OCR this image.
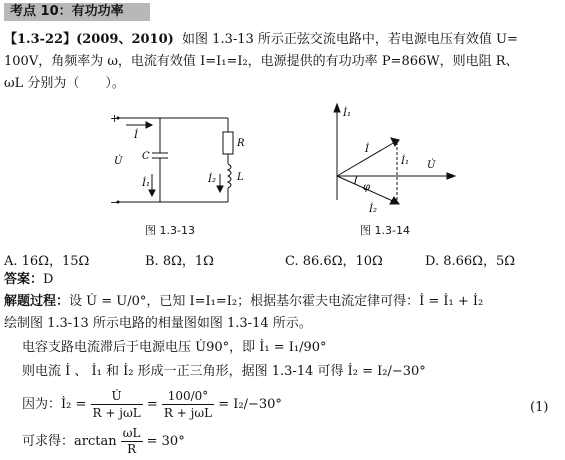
考点 10：有功功率
【1.3-22】(2009、2010) 如图 1.3-13 所示正弦交流电路中，若电源电压有效值 U=
100V，角频率为 ω，电流有效值 I=I₁=I₂，电源提供的有功功率 P=866W，则电阻 R、
ωL 分别为（　　）。
+
−
İ
U̇ C
İ₁
R
İ₂ L
图 1.3-13
İ₁
İ
İ₁ U̇
φ
İ₂
图 1.3-14
A. 16Ω，15Ω	B. 8Ω，1Ω	C. 86.6Ω，10Ω	D. 8.66Ω，5Ω
答案：D
解题过程：设 U̇ = U/0°，已知 I=I₁=I₂；根据基尔霍夫电流定律可得：İ = İ₁ + İ₂
绘制图 1.3-13 所示电路的相量图如图 1.3-14 所示。
电容支路电流滞后于电源电压 U̇90°，即 İ₁ = I₁/90°
则电流 İ 、 İ₁ 和 İ₂ 形成一正三角形，据图 1.3-14 可得 İ₂ = I₂/−30°
因为：İ₂ = $\frac{U̇}{\text{R + jωL}} = \frac{100/0^\circ}{\text{R + jωL}} = I_2/-30^\circ$	(1)
可求得：$\arctan \frac{\omega L}{R} = 30^\circ$
